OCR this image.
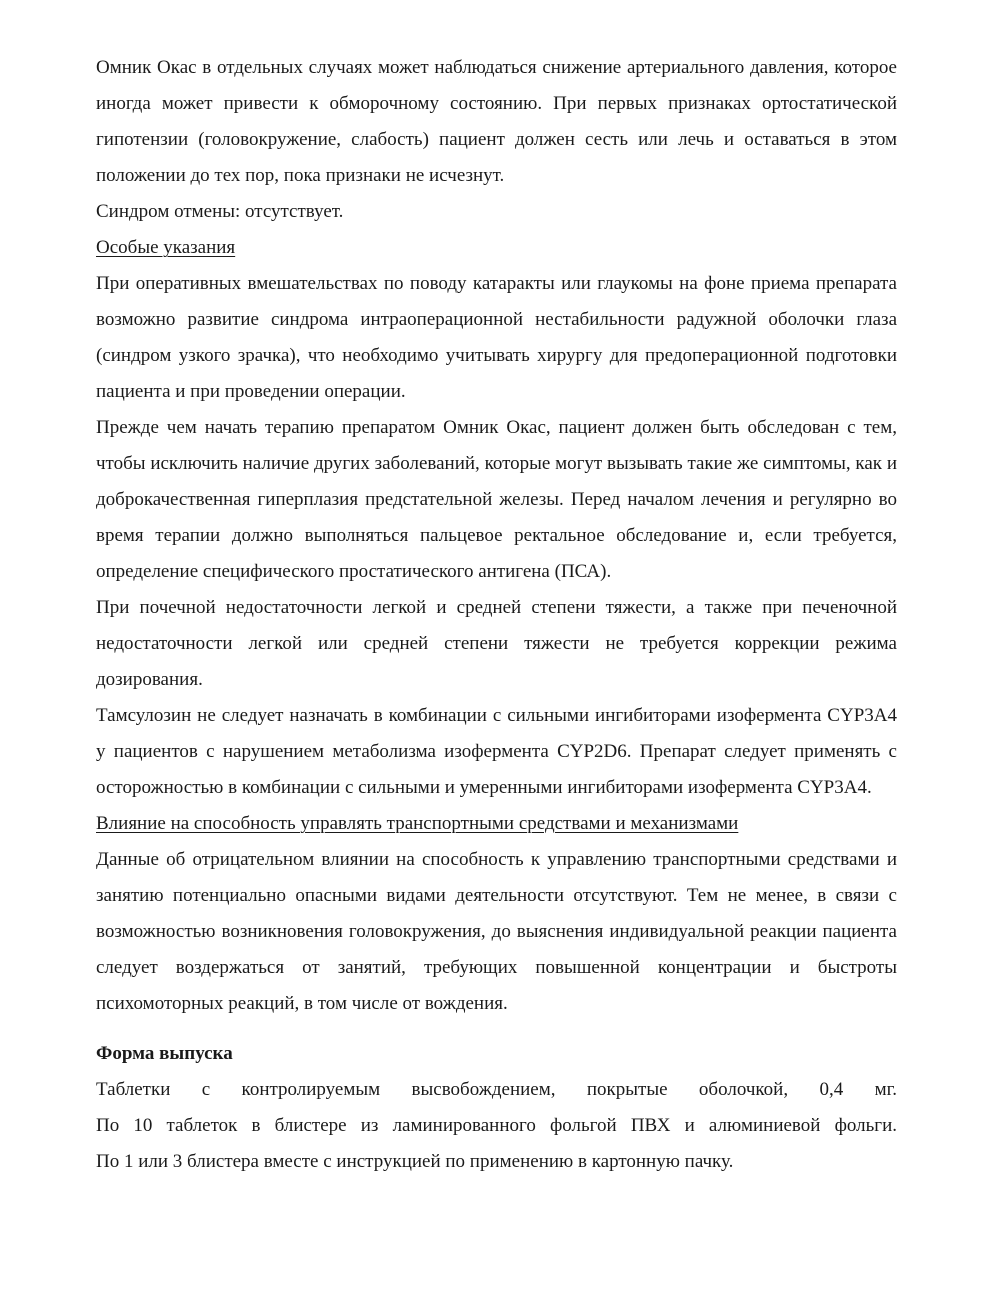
Омник Окас в отдельных случаях может наблюдаться снижение артериального давления, которое иногда может привести к обморочному состоянию. При первых признаках ортостатической гипотензии (головокружение, слабость) пациент должен сесть или лечь и оставаться в этом положении до тех пор, пока признаки не исчезнут.

Синдром отмены: отсутствует.

Особые указания

При оперативных вмешательствах по поводу катаракты или глаукомы на фоне приема препарата возможно развитие синдрома интраоперационной нестабильности радужной оболочки глаза (синдром узкого зрачка), что необходимо учитывать хирургу для предоперационной подготовки пациента и при проведении операции.

Прежде чем начать терапию препаратом Омник Окас, пациент должен быть обследован с тем, чтобы исключить наличие других заболеваний, которые могут вызывать такие же симптомы, как и доброкачественная гиперплазия предстательной железы. Перед началом лечения и регулярно во время терапии должно выполняться пальцевое ректальное обследование и, если требуется, определение специфического простатического антигена (ПСА).

При почечной недостаточности легкой и средней степени тяжести, а также при печеночной недостаточности легкой или средней степени тяжести не требуется коррекции режима дозирования.

Тамсулозин не следует назначать в комбинации с сильными ингибиторами изофермента CYP3A4 у пациентов с нарушением метаболизма изофермента CYP2D6. Препарат следует применять с осторожностью в комбинации с сильными и умеренными ингибиторами изофермента CYP3A4.

Влияние на способность управлять транспортными средствами и механизмами

Данные об отрицательном влиянии на способность к управлению транспортными средствами и занятию потенциально опасными видами деятельности отсутствуют. Тем не менее, в связи с возможностью возникновения головокружения, до выяснения индивидуальной реакции пациента следует воздержаться от занятий, требующих повышенной концентрации и быстроты психомоторных реакций, в том числе от вождения.

Форма выпуска

Таблетки с контролируемым высвобождением, покрытые оболочкой, 0,4 мг.

По 10 таблеток в блистере из ламинированного фольгой ПВХ и алюминиевой фольги.

По 1 или 3 блистера вместе с инструкцией по применению в картонную пачку.
